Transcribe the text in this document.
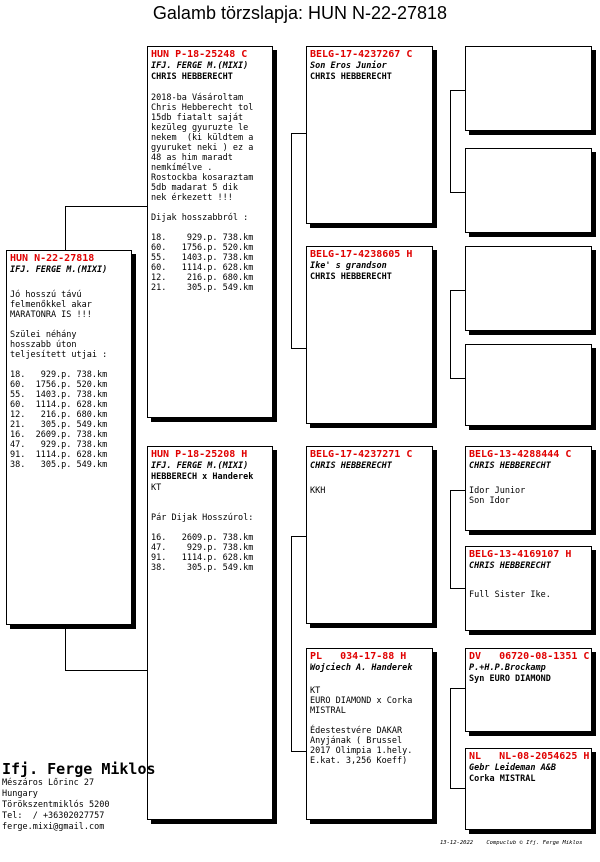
Galamb törzslapja: HUN N-22-27818
HUN N-22-27818
IFJ. FERGE M.(MIXI)
Jó hosszú távú
felmenőkkel akar
MARATONRA IS !!!

Szülei néhány
hosszabb úton
teljesített utjai :

18.   929.p. 738.km
60.  1756.p. 520.km
55.  1403.p. 738.km
60.  1114.p. 628.km
12.   216.p. 680.km
21.   305.p. 549.km
16.  2609.p. 738.km
47.   929.p. 738.km
91.  1114.p. 628.km
38.   305.p. 549.km
HUN P-18-25248 C
IFJ. FERGE M.(MIXI)
CHRIS HEBBERECHT
2018-ba Vásároltam
Chris Hebberecht tol
15db fiatalt saját
kezüleg gyuruzte le
nekem  (ki küldtem a
gyuruket neki ) ez a
48 as him maradt
nemkímélve .
Rostockba kosaraztam
5db madarat 5 dik
nek érkezett !!!

Dijak hosszabbról :

18.    929.p. 738.km
60.   1756.p. 520.km
55.   1403.p. 738.km
60.   1114.p. 628.km
12.    216.p. 680.km
21.    305.p. 549.km
HUN P-18-25208 H
IFJ. FERGE M.(MIXI)
HEBBERECH x Handerek
KT

Pár Dijak Hosszúrol:

16.   2609.p. 738.km
47.    929.p. 738.km
91.   1114.p. 628.km
38.    305.p. 549.km
BELG-17-4237267 C
Son Eros Junior
CHRIS HEBBERECHT
BELG-17-4238605 H
Ike' s grandson
CHRIS HEBBERECHT
BELG-17-4237271 C
CHRIS HEBBERECHT
KKH
PL   034-17-88 H
Wojciech A. Handerek
KT
EURO DIAMOND x Corka
MISTRAL

Édestestvére DAKAR
Anyjának ( Brussel
2017 Olimpia 1.hely.
E.kat. 3,256 Koeff)
BELG-13-4288444 C
CHRIS HEBBERECHT
Idor Junior
Son Idor
BELG-13-4169107 H
CHRIS HEBBERECHT
Full Sister Ike.
DV   06720-08-1351 C
P.+H.P.Brockamp
Syn EURO DIAMOND
NL   NL-08-2054625 H
Gebr Leideman A&B
Corka MISTRAL
Ifj. Ferge Miklos
Mészáros Lőrinc 27
Hungary
Törökszentmiklós 5200
Tel:  / +36302027757
ferge.mixi@gmail.com
13-12-2022    Compuclub © Ifj. Ferge Miklos
